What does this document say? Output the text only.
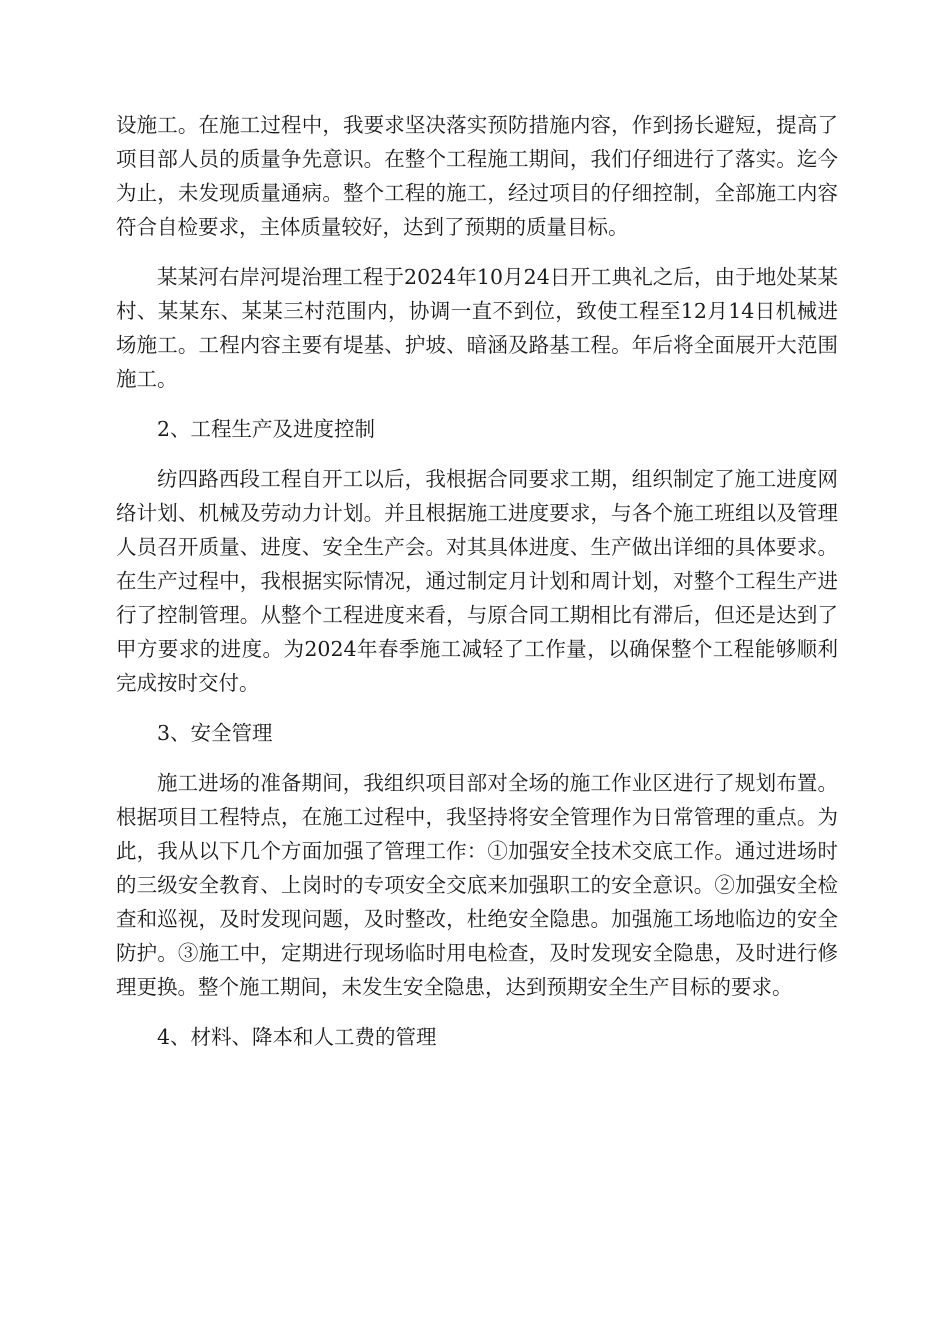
设施工。在施工过程中，我要求坚决落实预防措施内容，作到扬长避短，提高了项目部人员的质量争先意识。在整个工程施工期间，我们仔细进行了落实。迄今为止，未发现质量通病。整个工程的施工，经过项目的仔细控制，全部施工内容符合自检要求，主体质量较好，达到了预期的质量目标。

某某河右岸河堤治理工程于2024年10月24日开工典礼之后，由于地处某某村、某某东、某某三村范围内，协调一直不到位，致使工程至12月14日机械进场施工。工程内容主要有堤基、护坡、暗涵及路基工程。年后将全面展开大范围施工。

2、工程生产及进度控制

纺四路西段工程自开工以后，我根据合同要求工期，组织制定了施工进度网络计划、机械及劳动力计划。并且根据施工进度要求，与各个施工班组以及管理人员召开质量、进度、安全生产会。对其具体进度、生产做出详细的具体要求。在生产过程中，我根据实际情况，通过制定月计划和周计划，对整个工程生产进行了控制管理。从整个工程进度来看，与原合同工期相比有滞后，但还是达到了甲方要求的进度。为2024年春季施工减轻了工作量，以确保整个工程能够顺利完成按时交付。

3、安全管理

施工进场的准备期间，我组织项目部对全场的施工作业区进行了规划布置。根据项目工程特点，在施工过程中，我坚持将安全管理作为日常管理的重点。为此，我从以下几个方面加强了管理工作：①加强安全技术交底工作。通过进场时的三级安全教育、上岗时的专项安全交底来加强职工的安全意识。②加强安全检查和巡视，及时发现问题，及时整改，杜绝安全隐患。加强施工场地临边的安全防护。③施工中，定期进行现场临时用电检查，及时发现安全隐患，及时进行修理更换。整个施工期间，未发生安全隐患，达到预期安全生产目标的要求。

4、材料、降本和人工费的管理
